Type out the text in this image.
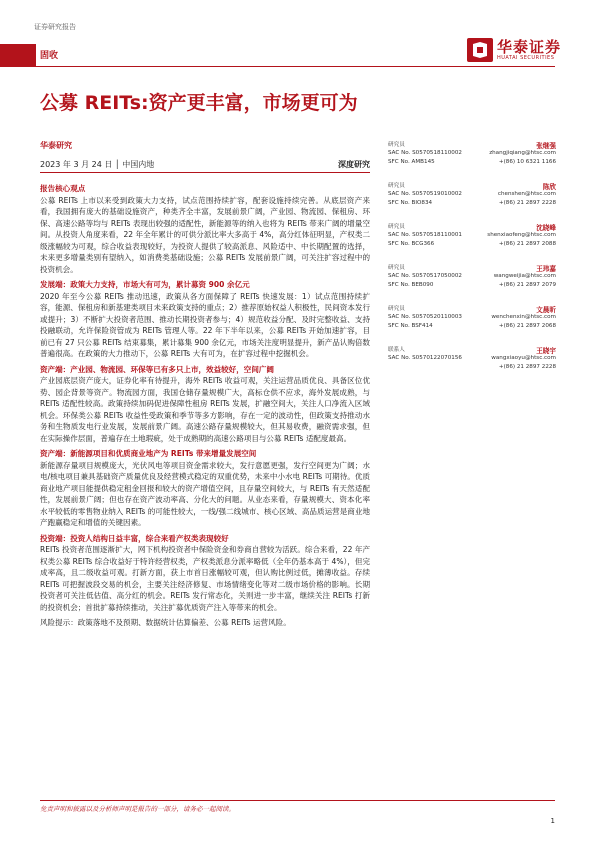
证券研究报告
固收	华泰证券
HUATAI SECURITIES
公募 REITs:资产更丰富，市场更可为
华泰研究
2023 年 3 月 24 日 │ 中国内地	深度研究

报告核心观点

公募 REITs 上市以来受到政策大力支持，试点范围持续扩容，配套设施持续完善。从底层资产来看，我国拥有庞大的基础设施资产，种类齐全丰富，发展前景广阔，产业园、物流园、保租房、环保、高速公路等均与 REITs 表现出较强的适配性，新能源等的纳入也将为 REITs 带来广阔的增量空间。从投资人角度来看，22 年全年累计的可供分派比率大多高于 4%，高分红体征明显，产权类二级涨幅较为可观，综合收益表现较好，为投资人提供了较高派息、风险适中、中长期配置的选择，未来更多增量类别有望纳入，如消费类基础设施；公募 REITs 发展前景广阔，可关注扩容过程中的投资机会。

发展端：政策大力支持，市场大有可为，累计募资 900 余亿元

2020 年至今公募 REITs 推动迅速，政策从各方面保障了 REITs 快速发展：1）试点范围持续扩容，能源、保租房和新基建类项目未来政策支持的重点；2）推荐原始权益人积极性，民间资本发行或提升；3）不断扩大投资者范围、推动长期投资者参与；4）规范收益分配、及时完整收益、支持投融联动，允许保险资管成为 REITs 管理人等。22 年下半年以来，公募 REITs 开始加速扩容，目前已有 27 只公募 REITs 结束募集，累计募集 900 余亿元，市场关注度明显提升，新产品认购倍数普遍很高。在政策的大力推动下，公募 REITs 大有可为，在扩容过程中挖掘机会。

资产端：产业园、物流园、环保等已有多只上市，效益较好，空间广阔

产业园底层资产庞大，证券化率有待提升，海外 REITs 收益可观，关注运营品质优良、具备区位优势、园企背景等资产。物流园方面，我国仓储存量规模广大，高标仓供不应求，海外发展成熟，与 REITs 适配性较高。政策持续加码促进保障性租房 REITs 发展，扩融空间大，关注人口净流入区域机会。环保类公募 REITs 收益性受政策和季节等多方影响，存在一定的波动性，但政策支持推动水务和生物质发电行业发展，发展前景广阔。高速公路存量规模较大，但其易收费，融资需求强，但在实际操作层面，普遍存在土地瑕疵，处于成熟期的高速公路项目与公募 REITs 适配度最高。

资产端：新能源项目和优质商业地产为 REITs 带来增量发展空间

新能源存量项目规模庞大，光伏风电等项目资金需求较大，发行意愿更强，发行空间更为广阔；水电/核电项目兼具基础资产质量优良及经营模式稳定的双重优势，未来中小水电 REITs 可期待。优质商业地产项目能提供稳定租金回报和较大的资产增值空间，且存量空间较大，与 REITs 有天然适配性，发展前景广阔；但也存在资产波动率高、分化大的问题。从业态来看，存量规模大、资本化率水平较低的零售物业纳入 REITs 的可能性较大，一线/强二线城市、核心区域、高品质运营是商业地产跑赢稳定和增值的关键因素。

投资端：投资人结构日益丰富，综合来看产权类表现较好

REITs 投资者范围逐渐扩大，网下机构投资者中保险资金和券商自营较为活跃。综合来看，22 年产权类公募 REITs 综合收益好于特许经营权类，产权类派息分派率略低（全年仍基本高于 4%），但完成率高，且二级收益可观。打新方面，获上市首日涨幅较可观，但认购比例过低，摊薄收益。存续 REITs 可把握波段交易的机会，主要关注经济修复、市场情绪变化等对二级市场价格的影响。长期投资者可关注低估值、高分红的机会。REITs 发行常态化，关则进一步丰富，继续关注 REITs 打新的投资机会；首批扩募持续推动，关注扩募优质资产注入等带来的机会。

风险提示：政策落地不及预期、数据统计估算偏差、公募 REITs 运营风险。

研究员	张继强
SAC No. S0570518110002	zhangjiqiang@htsc.com
SFC No. AMB145	+(86) 10 6321 1166
研究员	陈欣
SAC No. S0570519010002	chenshen@htsc.com
SFC No. BIO834	+(86) 21 2897 2228
研究员	沈晓峰
SAC No. S0570518110001	shenxiaofeng@htsc.com
SFC No. BCG366	+(86) 21 2897 2088
研究员	王玮嘉
SAC No. S0570517050002	wangweijia@htsc.com
SFC No. BEB090	+(86) 21 2897 2079
研究员	文晨昕
SAC No. S0570520110003	wenchenxin@htsc.com
SFC No. BSF414	+(86) 21 2897 2068
联系人	王晓宇
SAC No. S0570122070156	wangxiaoyu@htsc.com
+(86) 21 2897 2228
免责声明和披露以及分析师声明是报告的一部分，请务必一起阅读。
1
